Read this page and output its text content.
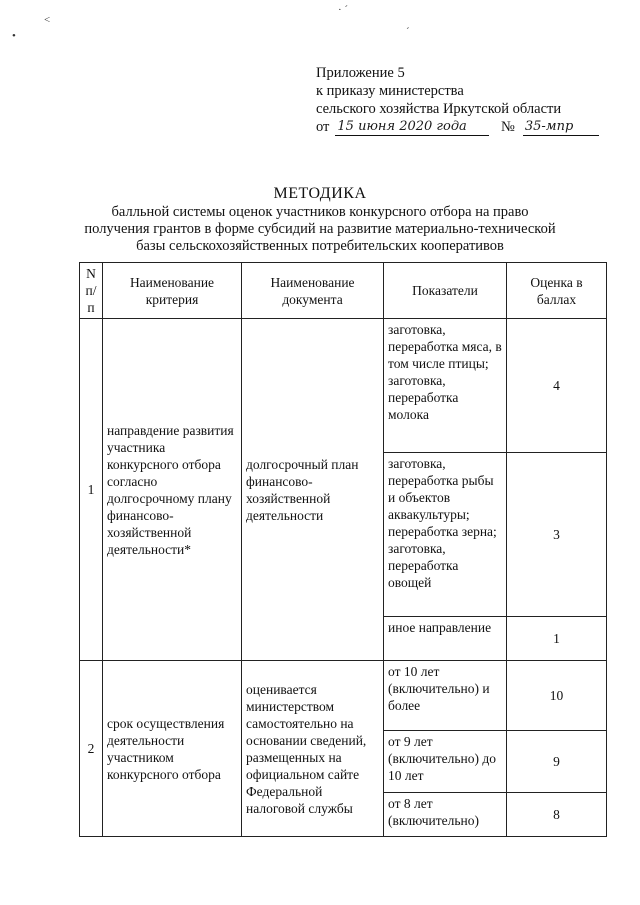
˂
•
· ˊ
ˊ
Приложение 5
к приказу министерства
сельского хозяйства Иркутской области
от 15 июня 2020 года № 35-мпр
МЕТОДИКА
балльной системы оценок участников конкурсного отбора на право
получения грантов в форме субсидий на развитие материально-технической
базы сельскохозяйственных потребительских кооперативов
N п/п	Наименование критерия	Наименование документа	Показатели	Оценка в баллах
1	направдение развития участника конкурсного отбора согласно долгосрочному плану финансово-хозяйственной деятельности*	долгосрочный план финансово-хозяйственной деятельности	заготовка, переработка мяса, в том числе птицы; заготовка, переработка молока	4
			заготовка, переработка рыбы и объектов аквакультуры; переработка зерна; заготовка, переработка овощей	3
			иное направление	1
2	срок осуществления деятельности участником конкурсного отбора	оценивается министерством самостоятельно на основании сведений, размещенных на официальном сайте Федеральной налоговой службы	от 10 лет (включительно) и более	10
			от 9 лет (включительно) до 10 лет	9
			от 8 лет (включительно)	8
